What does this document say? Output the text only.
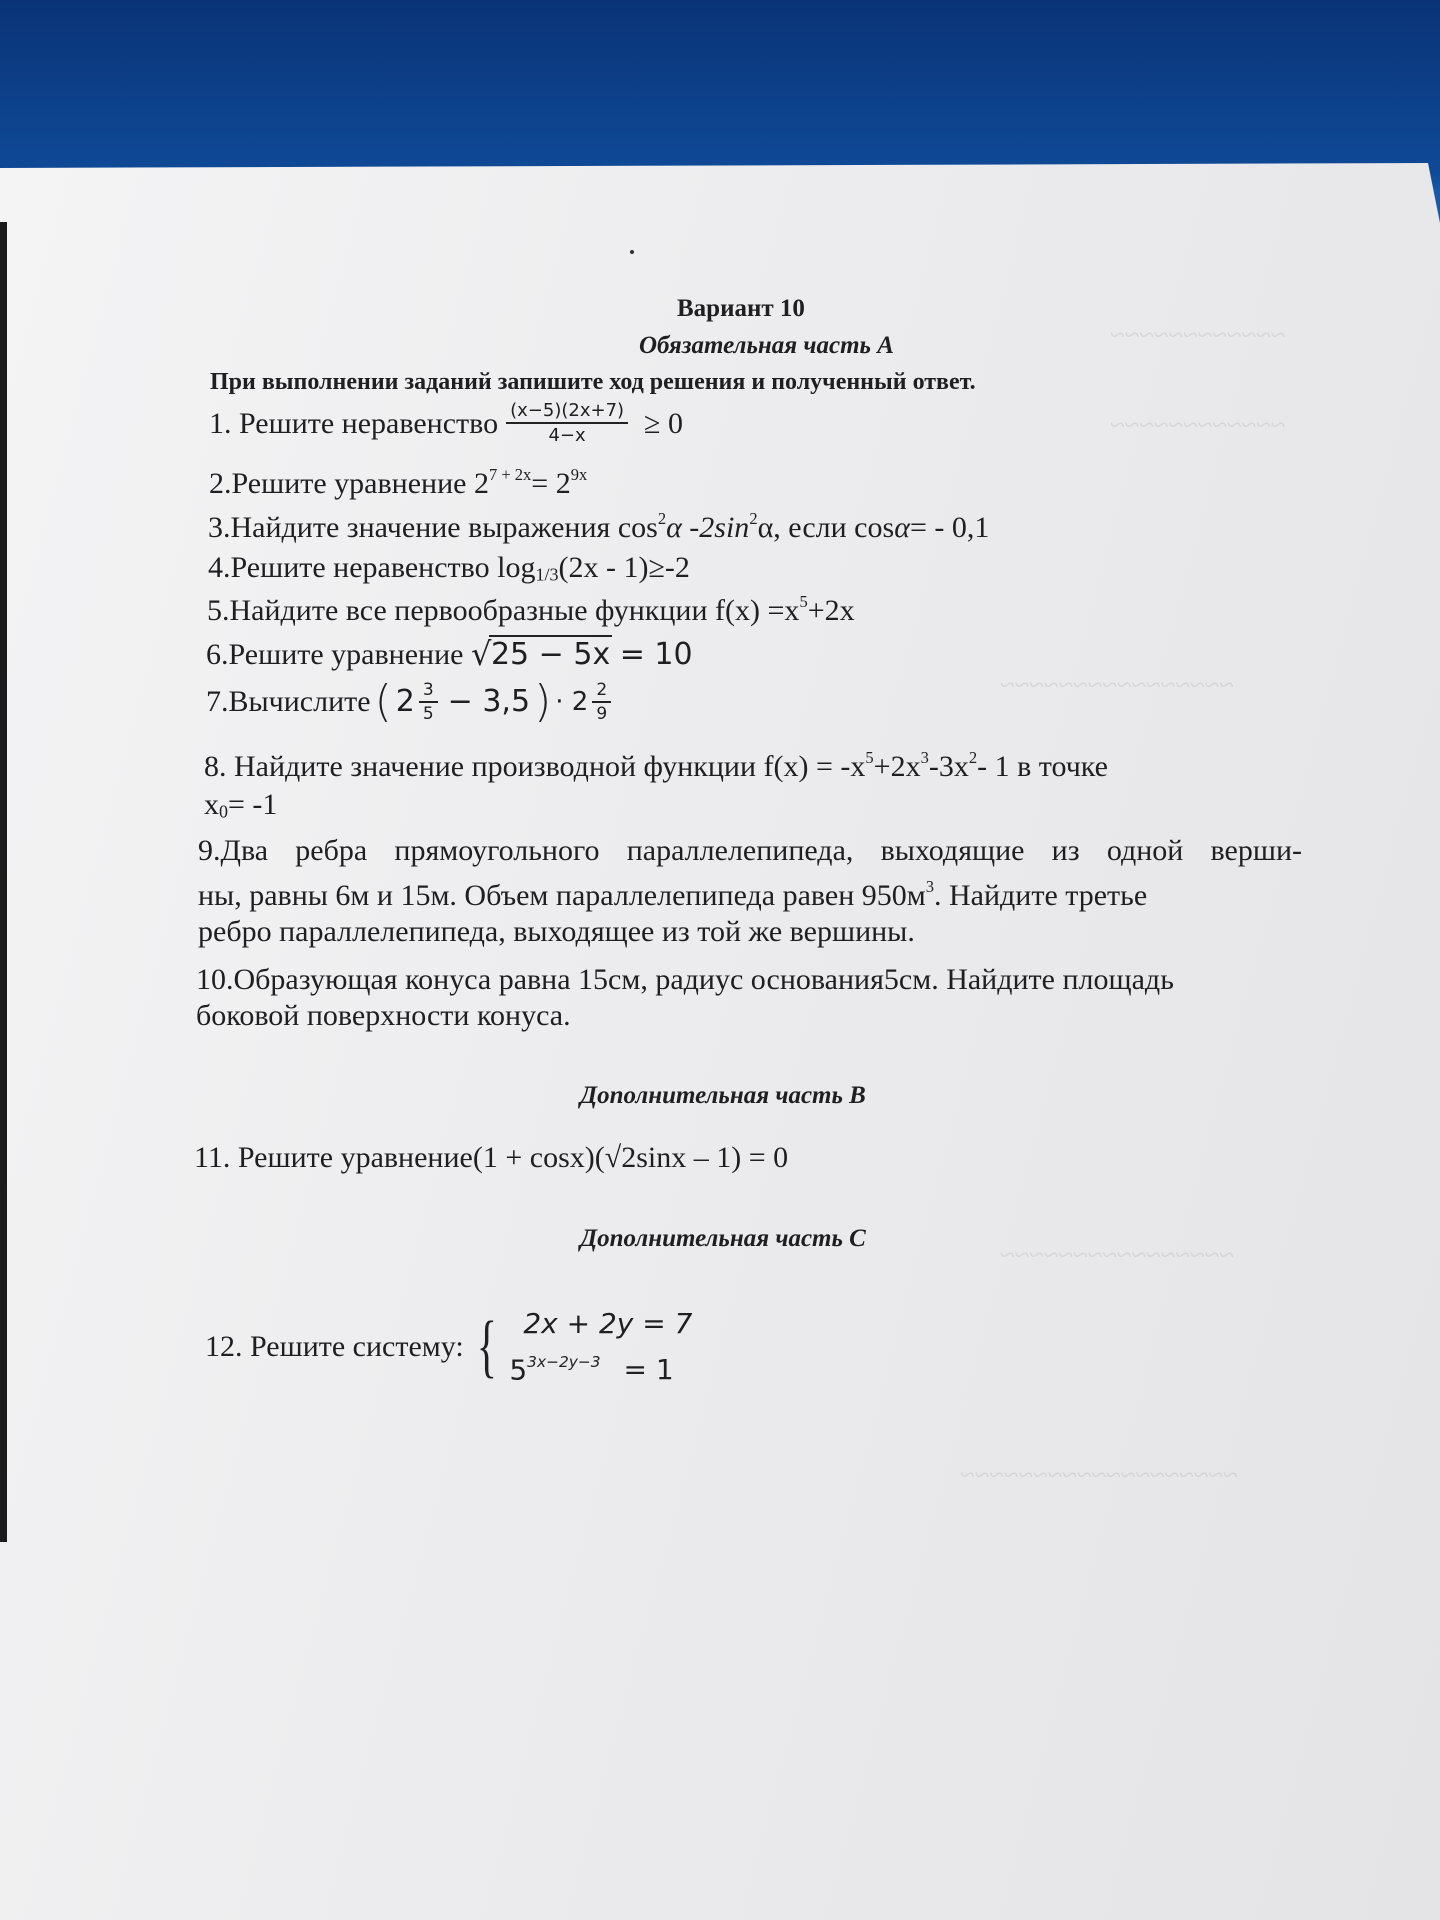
~~~~~~~~~~~~
~~~~~~~~~~~~
~~~~~~~~~~~~~~~~
~~~~~~~~~~~~~~~~
~~~~~~~~~~~~~~~~~~~
Вариант 10
Обязательная часть А
При выполнении заданий запишите ход решения и полученный ответ.
1. Решите неравенство $\frac{(x-5)(2x+7)}{4-x} \ge 0$
2.Решите уравнение $2^{7 + 2x}= 2^{9x}$
3.Найдите значение выражения $\cos^2\alpha$ $-2\sin^2\alpha$, если cosα= - 0,1
4.Решите неравенство $\log_{1/3}(2x - 1)\ge-2$
5.Найдите все первообразные функции $f(x) =x^5+2x$
6.Решите уравнение √ 25 − 5x = 10
7.Вычислите ( $2 \frac{3}{5} - 3,5$ ) · $2 \frac{2}{9}$
8. Найдите значение производной функции $f(x) = -x^5+2x^3-3x^2-$ 1 в точке
$x_0= -1$
9.Два ребра прямоугольного параллелепипеда, выходящие из одной верши-
ны, равны 6м и 15м. Объем параллелепипеда равен $950м^3$. Найдите третье
ребро параллелепипеда, выходящее из той же вершины.
10.Образующая конуса равна 15см, радиус основания5см. Найдите площадь
боковой поверхности конуса.
Дополнительная часть В
11. Решите уравнение(1 + cosx)(√2sinx – 1) = 0
Дополнительная часть С
12. Решите систему: { 2x + 2y = 7
$5^{3x-2y-3} = 1$
